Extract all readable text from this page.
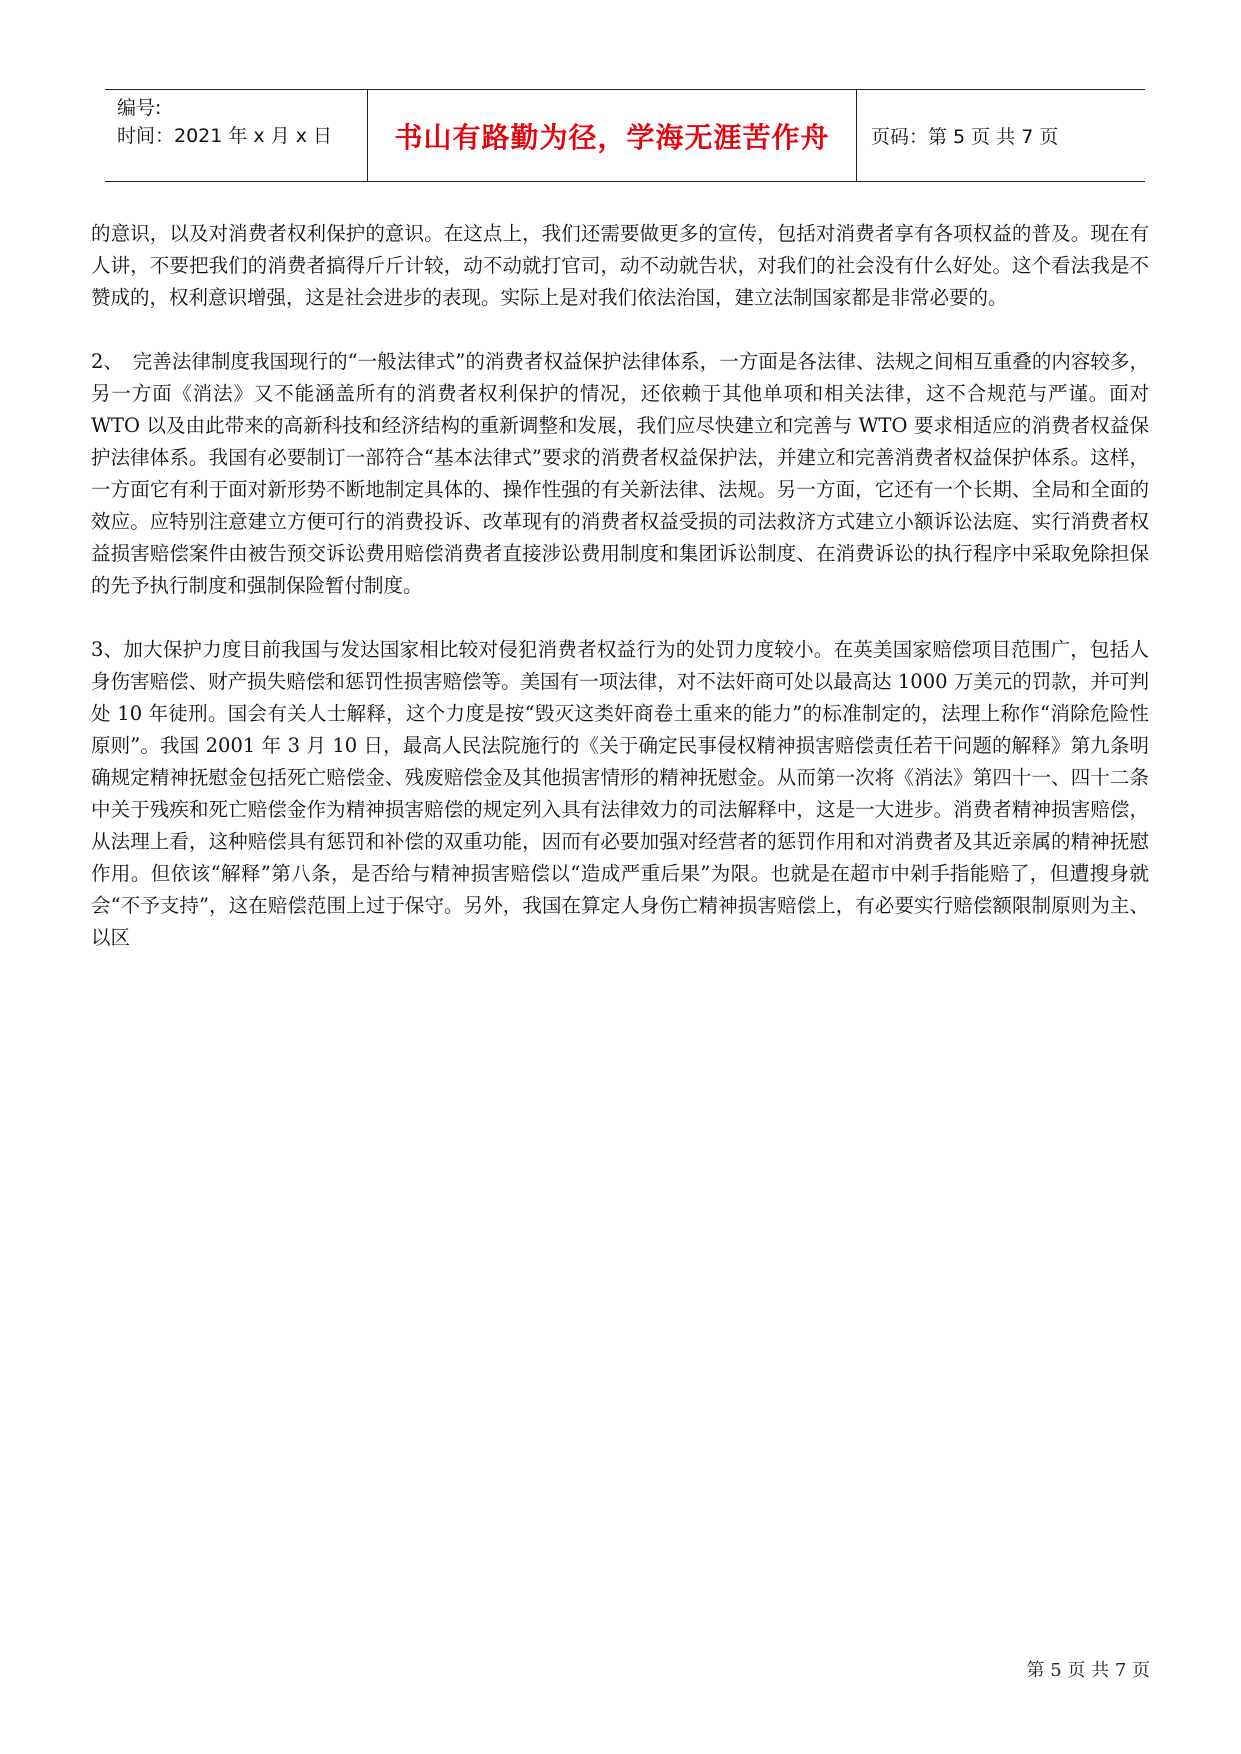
编号:
时间：2021 年 x 月 x 日	书山有路勤为径，学海无涯苦作舟	页码：第 5 页 共 7 页

的意识，以及对消费者权利保护的意识。在这点上，我们还需要做更多的宣传，包括对消费者享有各项权益的普及。现在有人讲，不要把我们的消费者搞得斤斤计较，动不动就打官司，动不动就告状，对我们的社会没有什么好处。这个看法我是不赞成的，权利意识增强，这是社会进步的表现。实际上是对我们依法治国，建立法制国家都是非常必要的。

2、　完善法律制度我国现行的“一般法律式”的消费者权益保护法律体系，一方面是各法律、法规之间相互重叠的内容较多，另一方面《消法》又不能涵盖所有的消费者权利保护的情况，还依赖于其他单项和相关法律，这不合规范与严谨。面对 WTO 以及由此带来的高新科技和经济结构的重新调整和发展，我们应尽快建立和完善与 WTO 要求相适应的消费者权益保护法律体系。我国有必要制订一部符合“基本法律式”要求的消费者权益保护法，并建立和完善消费者权益保护体系。这样，一方面它有利于面对新形势不断地制定具体的、操作性强的有关新法律、法规。另一方面，它还有一个长期、全局和全面的效应。应特别注意建立方便可行的消费投诉、改革现有的消费者权益受损的司法救济方式建立小额诉讼法庭、实行消费者权益损害赔偿案件由被告预交诉讼费用赔偿消费者直接涉讼费用制度和集团诉讼制度、在消费诉讼的执行程序中采取免除担保的先予执行制度和强制保险暂付制度。

3、加大保护力度目前我国与发达国家相比较对侵犯消费者权益行为的处罚力度较小。在英美国家赔偿项目范围广，包括人身伤害赔偿、财产损失赔偿和惩罚性损害赔偿等。美国有一项法律，对不法奸商可处以最高达 1000 万美元的罚款，并可判处 10 年徒刑。国会有关人士解释，这个力度是按“毁灭这类奸商卷土重来的能力”的标准制定的，法理上称作“消除危险性原则”。我国 2001 年 3 月 10 日，最高人民法院施行的《关于确定民事侵权精神损害赔偿责任若干问题的解释》第九条明确规定精神抚慰金包括死亡赔偿金、残废赔偿金及其他损害情形的精神抚慰金。从而第一次将《消法》第四十一、四十二条中关于残疾和死亡赔偿金作为精神损害赔偿的规定列入具有法律效力的司法解释中，这是一大进步。消费者精神损害赔偿，从法理上看，这种赔偿具有惩罚和补偿的双重功能，因而有必要加强对经营者的惩罚作用和对消费者及其近亲属的精神抚慰作用。但依该“解释”第八条，是否给与精神损害赔偿以“造成严重后果”为限。也就是在超市中剁手指能赔了，但遭搜身就会“不予支持”，这在赔偿范围上过于保守。另外，我国在算定人身伤亡精神损害赔偿上，有必要实行赔偿额限制原则为主、以区

第 5 页 共 7 页
